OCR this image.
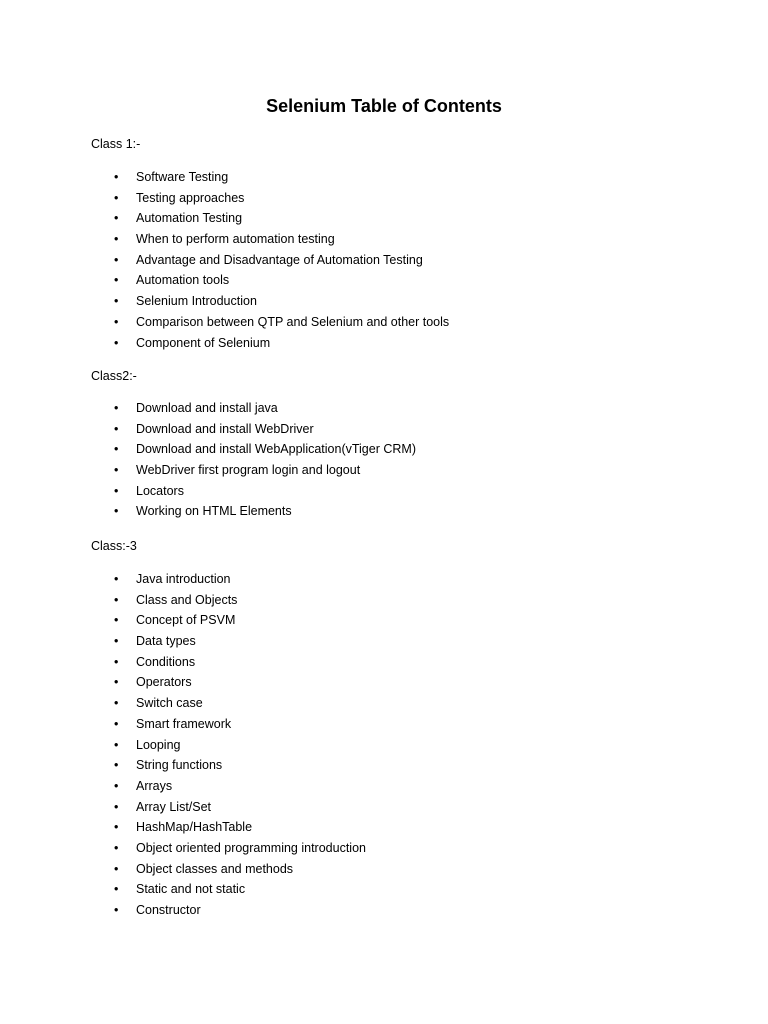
Selenium Table of Contents

Class 1:-

• Software Testing
• Testing approaches
• Automation Testing
• When to perform automation testing
• Advantage and Disadvantage of Automation Testing
• Automation tools
• Selenium Introduction
• Comparison between QTP and Selenium and other tools
• Component of Selenium

Class2:-

• Download and install java
• Download and install WebDriver
• Download and install WebApplication(vTiger CRM)
• WebDriver first program login and logout
• Locators
• Working on HTML Elements

Class:-3

• Java introduction
• Class and Objects
• Concept of PSVM
• Data types
• Conditions
• Operators
• Switch case
• Smart framework
• Looping
• String functions
• Arrays
• Array List/Set
• HashMap/HashTable
• Object oriented programming introduction
• Object classes and methods
• Static and not static
• Constructor
